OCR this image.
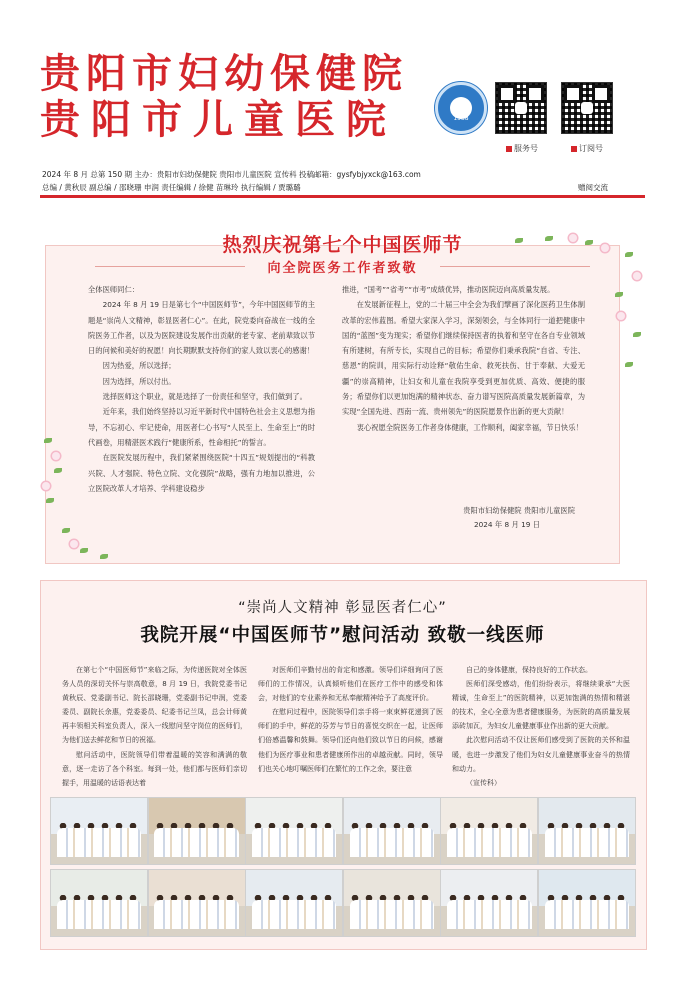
贵阳市妇幼保健院
贵阳市儿童医院	1938
服务号	订阅号
2024 年 8 月 总第 150 期 主办：贵阳市妇幼保健院 贵阳市儿童医院 宣传科 投稿邮箱：gysfybjyxck@163.com
总编 / 黄秋辰 副总编 / 邵晓珊 申润 责任编辑 / 徐健 苗琳玲 执行编辑 / 贾璐璐	赠阅交流
热烈庆祝第七个中国医师节
向全院医务工作者致敬

全体医师同仁：

2024 年 8 月 19 日是第七个“中国医师节”，今年中国医师节的主题是“崇尚人文精神，彰显医者仁心”。在此，院党委向奋战在一线的全院医务工作者，以及为医院建设发展作出贡献的老专家、老前辈致以节日的问候和美好的祝愿！向长期默默支持你们的家人致以衷心的感谢！

因为热爱，所以选择；

因为选择，所以付出。

选择医师这个职业，就是选择了一份责任和坚守，我们做到了。

近年来，我们始终坚持以习近平新时代中国特色社会主义思想为指导，不忘初心、牢记使命，用医者仁心书写“人民至上、生命至上”的时代画卷，用精湛医术践行“健康所系，性命相托”的誓言。

在医院发展历程中，我们紧紧围绕医院“十四五”规划提出的“科教兴院、人才强院、特色立院、文化强院”战略，强有力地加以推进，公立医院改革人才培养、学科建设稳步

推进，“国考”“省考”“市考”成绩优异，推动医院迈向高质量发展。

在发展新征程上，党的二十届三中全会为我们擘画了深化医药卫生体制改革的宏伟蓝图。希望大家深入学习，深刻领会，与全体同行一道把健康中国的“蓝图”变为现实；希望你们继续保持医者的执着和坚守在各自专业领域有所建树，有所专长，实现自己的目标；希望你们秉承我院“自省、专注、慈恩”的院训，用实际行动诠释“敬佑生命、救死扶伤、甘于奉献、大爱无疆”的崇高精神，让妇女和儿童在我院享受到更加优质、高效、便捷的服务；希望你们以更加饱满的精神状态、奋力谱写医院高质量发展新篇章，为实现“全国先进、西南一流、贵州领先”的医院愿景作出新的更大贡献！

衷心祝愿全院医务工作者身体健康，工作顺利，阖家幸福，节日快乐！

贵阳市妇幼保健院 贵阳市儿童医院
2024 年 8 月 19 日
“崇尚人文精神 彰显医者仁心”
我院开展“中国医师节”慰问活动 致敬一线医师

在第七个“中国医师节”来临之际，为传递医院对全体医务人员的深切关怀与崇高敬意，8 月 19 日，我院党委书记黄秋辰、党委副书记、院长邵晓珊，党委副书记申润，党委委员、副院长余惠，党委委员、纪委书记兰凤，总会计师黄再丰领相关科室负责人，深入一线慰问坚守岗位的医师们，为他们送去鲜花和节日的祝福。

慰问活动中，医院领导们带着温暖的笑容和满满的敬意，逐一走访了各个科室。每到一处，他们都与医师们亲切握手，用温暖的话语表达着

对医师们辛勤付出的肯定和感激。领导们详细询问了医师们的工作情况，认真倾听他们在医疗工作中的感受和体会，对他们的专业素养和无私奉献精神给予了高度评价。

在慰问过程中，医院领导们亲手将一束束鲜花递到了医师们的手中，鲜花的芬芳与节日的喜悦交织在一起，让医师们倍感温馨和鼓舞。领导们还向他们致以节日的问候，感谢他们为医疗事业和患者健康所作出的卓越贡献。同时，领导们也关心地叮嘱医师们在繁忙的工作之余，要注意

自己的身体健康，保持良好的工作状态。

医师们深受感动，他们纷纷表示，将继续秉承“大医精诚，生命至上”的医院精神，以更加饱满的热情和精湛的技术，全心全意为患者健康服务，为医院的高质量发展添砖加瓦，为妇女儿童健康事业作出新的更大贡献。

此次慰问活动不仅让医师们感受到了医院的关怀和温暖，也进一步激发了他们为妇女儿童健康事业奋斗的热情和动力。

（宣传科）
